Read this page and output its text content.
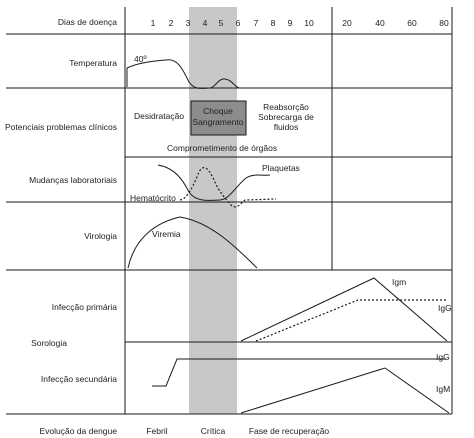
1 2 3 4 5 6 7 8 9 10	20	40	60	80
Dias de doença
Temperatura
Potenciais problemas clínicos
Mudanças laboratoriais
Virologia
Infecção primária
Sorologia
Infecção secundária
Evolução da dengue
40º
Desidratação Choque
Sangramento
Reabsorção
Sobrecarga de
fluidos
Comprometimento de órgãos
Plaquetas
Hematócrito
Viremia
Igm
IgG
IgG
IgM
Febril	Crítica	Fase de recuperação
